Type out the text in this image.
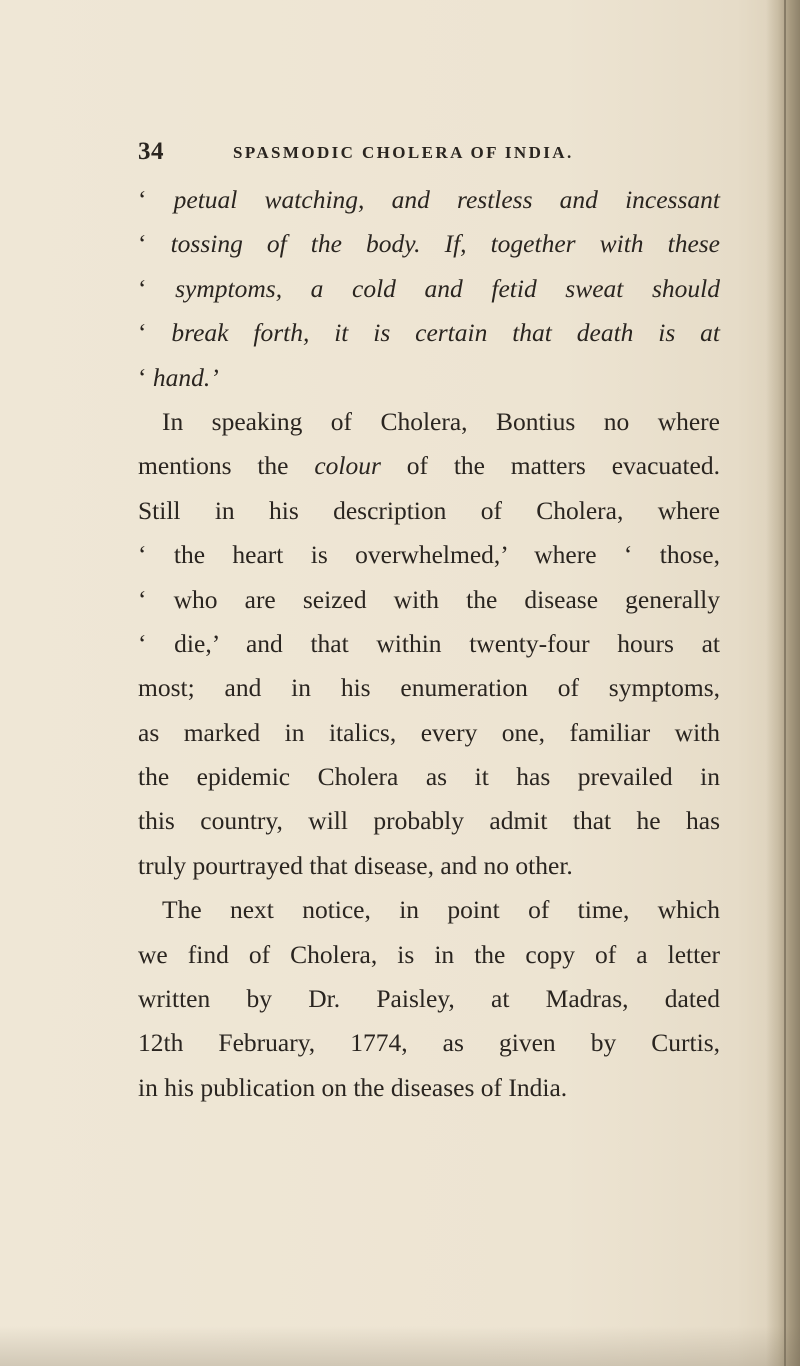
34	SPASMODIC CHOLERA OF INDIA.
‘ petual watching, and restless and incessant
‘ tossing of the body. If, together with these
‘ symptoms, a cold and fetid sweat should
‘ break forth, it is certain that death is at
‘ hand.’
In speaking of Cholera, Bontius no where
mentions the colour of the matters evacuated.
Still in his description of Cholera, where
‘ the heart is overwhelmed,’ where ‘ those,
‘ who are seized with the disease generally
‘ die,’ and that within twenty-four hours at
most; and in his enumeration of symptoms,
as marked in italics, every one, familiar with
the epidemic Cholera as it has prevailed in
this country, will probably admit that he has
truly pourtrayed that disease, and no other.
The next notice, in point of time, which
we find of Cholera, is in the copy of a letter
written by Dr. Paisley, at Madras, dated
12th February, 1774, as given by Curtis,
in his publication on the diseases of India.
